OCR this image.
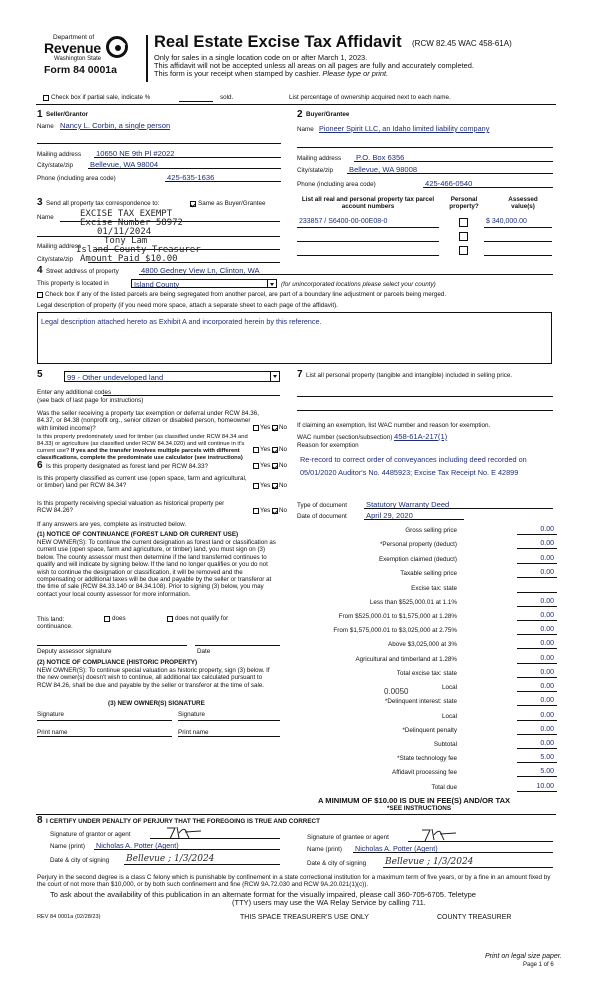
Department of
Revenue
Washington State
Form 84 0001a
Real Estate Excise Tax Affidavit (RCW 82.45 WAC 458-61A)
Only for sales in a single location code on or after March 1, 2023.
This affidavit will not be accepted unless all areas on all pages are fully and accurately completed.
This form is your receipt when stamped by cashier. Please type or print.
Check box if partial sale, indicate %	sold.	List percentage of ownership acquired next to each name.
1 Seller/Grantor
Name Nancy L. Corbin, a single person
Mailing address 10650 NE 9th Pl #2022
City/state/zip Bellevue, WA 98004
Phone (including area code)	425-635-1636
2 Buyer/Grantee
Name Pioneer Spirit LLC, an Idaho limited liability company
Mailing address P.O. Box 6356
City/state/zip Bellevue, WA 98008
Phone (including area code)	425-466-0540
3 Send all property tax correspondence to:	Same as Buyer/Grantee
Name
Mailing address
City/state/zip
EXCISE TAX EXEMPT
Excise Number 58972
01/11/2024
Tony Lam
Island County Treasurer
Amount Paid $10.00
List all real and personal property tax parcel account numbers
Personal property?
Assessed value(s)
233857 / S6400-00-00E08-0	$ 340,000.00
4 Street address of property	4800 Gedney View Ln, Clinton, WA
This property is located in	Island County	(for unincorporated locations please select your county)
Check box if any of the listed parcels are being segregated from another parcel, are part of a boundary line adjustment or parcels being merged.
Legal description of property (if you need more space, attach a separate sheet to each page of the affidavit).
Legal description attached hereto as Exhibit A and incorporated herein by this reference.
5	99 - Other undeveloped land
Enter any additional codes
(see back of last page for instructions)
Was the seller receiving a property tax exemption or deferral under RCW 84.36, 84.37, or 84.38 (nonprofit org., senior citizen or disabled person, homeowner with limited income)?	Yes No
Is this property predominately used for timber (as classified under RCW 84.34 and 84.33) or agriculture (as classified under RCW 84.34.020) and will continue in it's current use? If yes and the transfer involves multiple parcels with different classifications, complete the predominate use calculator (see instructions)
Yes No
6 Is this property designated as forest land per RCW 84.33?	Yes No
Is this property classified as current use (open space, farm and agricultural, or timber) land per RCW 84.34?	Yes No
Is this property receiving special valuation as historical property per RCW 84.26?	Yes No
If any answers are yes, complete as instructed below.
(1) NOTICE OF CONTINUANCE (FOREST LAND OR CURRENT USE)
NEW OWNER(S): To continue the current designation as forest land or classification as current use (open space, farm and agriculture, or timber) land, you must sign on (3) below. The county assessor must then determine if the land transferred continues to qualify and will indicate by signing below. If the land no longer qualifies or you do not wish to continue the designation or classification, it will be removed and the compensating or additional taxes will be due and payable by the seller or transferor at the time of sale (RCW 84.33.140 or 84.34.108). Prior to signing (3) below, you may contact your local county assessor for more information.
This land:	does	does not qualify for
continuance.
Deputy assessor signature	Date
(2) NOTICE OF COMPLIANCE (HISTORIC PROPERTY)
NEW OWNER(S): To continue special valuation as historic property, sign (3) below. If the new owner(s) doesn't wish to continue, all additional tax calculated pursuant to RCW 84.26, shall be due and payable by the seller or transferor at the time of sale.
(3) NEW OWNER(S) SIGNATURE
Signature	Signature
Print name	Print name
7 List all personal property (tangible and intangible) included in selling price.
If claiming an exemption, list WAC number and reason for exemption.
WAC number (section/subsection) 458-61A-217(1)
Reason for exemption
Re-record to correct order of conveyances including deed recorded on 05/01/2020 Auditor's No. 4485923; Excise Tax Receipt No. E 42899
Type of document Statutory Warranty Deed
Date of document	April 29, 2020
Gross selling price	0.00
*Personal property (deduct)	0.00
Exemption claimed (deduct)	0.00
Taxable selling price	0.00
Excise tax: state
Less than $525,000.01 at 1.1%	0.00
From $525,000.01 to $1,575,000 at 1.28%	0.00
From $1,575,000.01 to $3,025,000 at 2.75%	0.00
Above $3,025,000 at 3%	0.00
Agricultural and timberland at 1.28%	0.00
Total excise tax: state	0.00
Local	0.00
*Delinquent interest: state	0.00
Local	0.00
*Delinquent penalty	0.00
Subtotal	0.00
*State technology fee	5.00
Affidavit processing fee	5.00
Total due	10.00
0.0050
A MINIMUM OF $10.00 IS DUE IN FEE(S) AND/OR TAX
*SEE INSTRUCTIONS
8 I CERTIFY UNDER PENALTY OF PERJURY THAT THE FOREGOING IS TRUE AND CORRECT
Signature of grantor or agent
Name (print) Nicholas A. Potter (Agent)
Date & city of signing Bellevue ; 1/3/2024
Signature of grantee or agent
Name (print) Nicholas A. Potter (Agent)
Date & city of signing Bellevue ; 1/3/2024
Perjury in the second degree is a class C felony which is punishable by confinement in a state correctional institution for a maximum term of five years, or by a fine in an amount fixed by the court of not more than $10,000, or by both such confinement and fine (RCW 9A.72.030 and RCW 9A.20.021(1)(c)).
To ask about the availability of this publication in an alternate format for the visually impaired, please call 360-705-6705. Teletype
(TTY) users may use the WA Relay Service by calling 711.
REV 84 0001a (02/28/23)	THIS SPACE TREASURER'S USE ONLY	COUNTY TREASURER
Print on legal size paper.
Page 1 of 6
